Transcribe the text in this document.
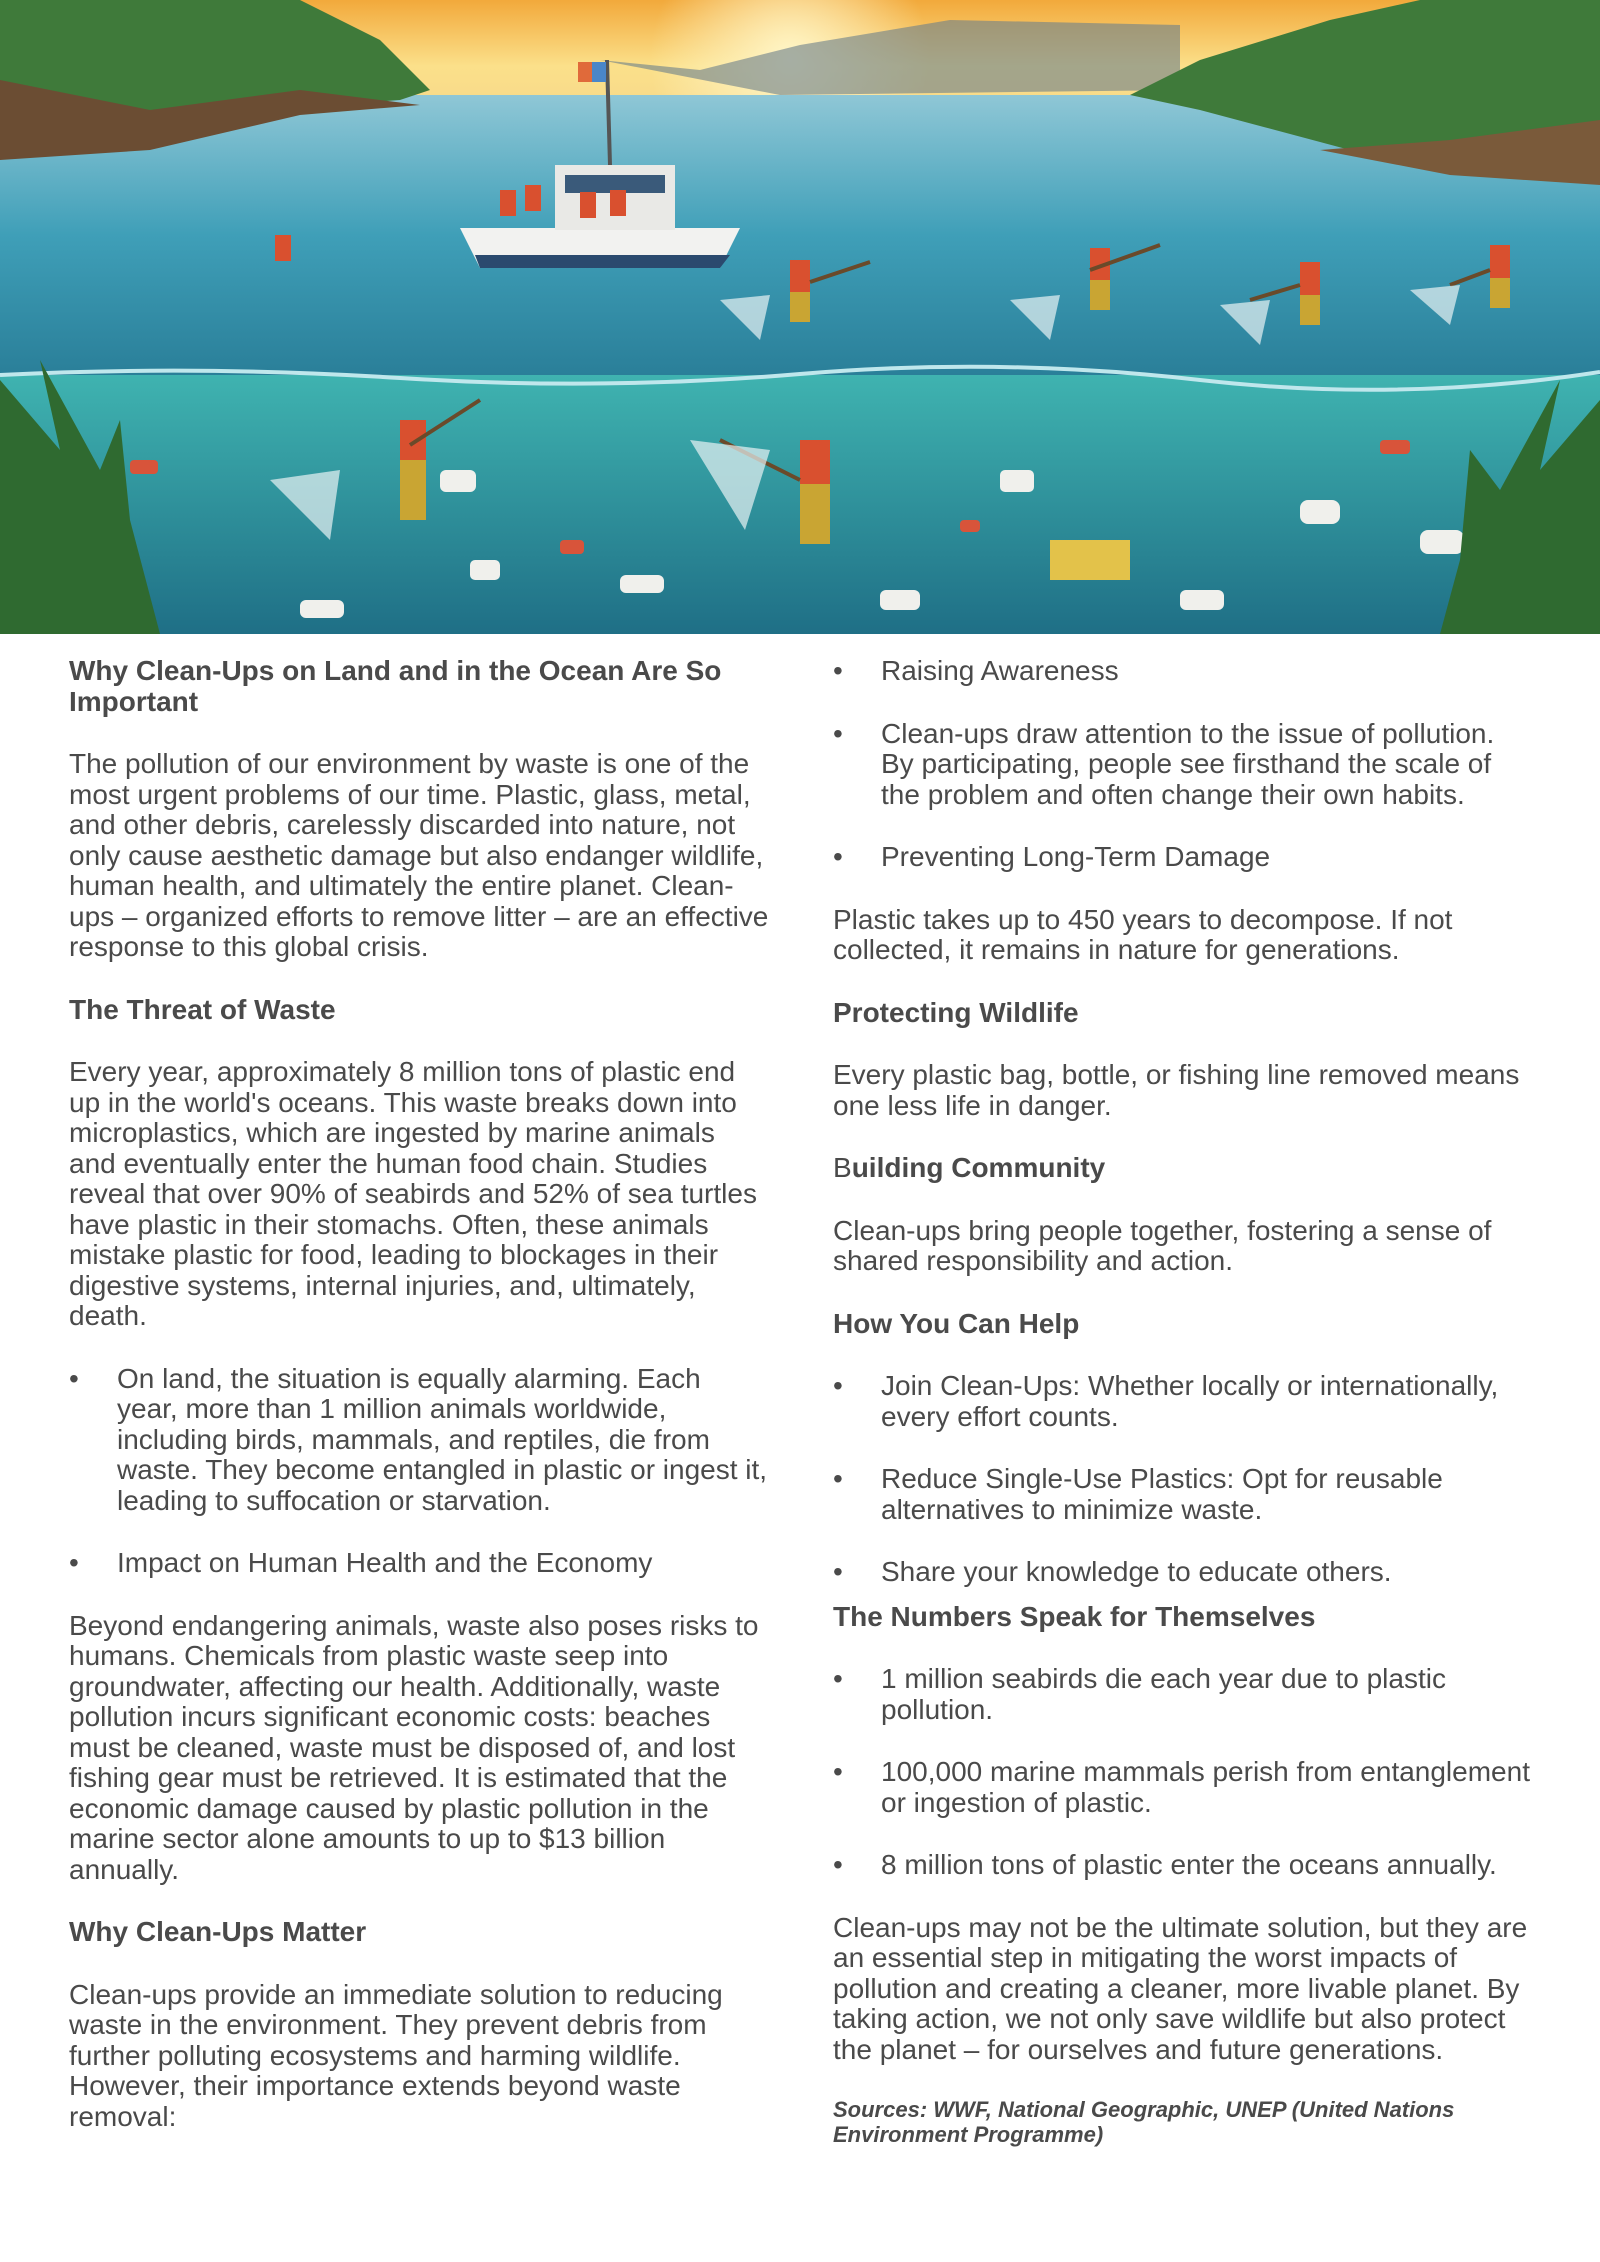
Why Clean-Ups on Land and in the Ocean Are So Important

The pollution of our environment by waste is one of the most urgent problems of our time. Plastic, glass, metal, and other debris, carelessly discarded into nature, not only cause aesthetic damage but also endanger wildlife, human health, and ultimately the entire planet. Clean-ups – organized efforts to remove litter – are an effective response to this global crisis.

The Threat of Waste

Every year, approximately 8 million tons of plastic end up in the world's oceans. This waste breaks down into microplastics, which are ingested by marine animals and eventually enter the human food chain. Studies reveal that over 90% of seabirds and 52% of sea turtles have plastic in their stomachs. Often, these animals mistake plastic for food, leading to blockages in their digestive systems, internal injuries, and, ultimately, death.

• On land, the situation is equally alarming. Each year, more than 1 million animals worldwide, including birds, mammals, and reptiles, die from waste. They become entangled in plastic or ingest it, leading to suffocation or starvation.
• Impact on Human Health and the Economy

Beyond endangering animals, waste also poses risks to humans. Chemicals from plastic waste seep into groundwater, affecting our health. Additionally, waste pollution incurs significant economic costs: beaches must be cleaned, waste must be disposed of, and lost fishing gear must be retrieved. It is estimated that the economic damage caused by plastic pollution in the marine sector alone amounts to up to $13 billion annually.

Why Clean-Ups Matter

Clean-ups provide an immediate solution to reducing waste in the environment. They prevent debris from further polluting ecosystems and harming wildlife. However, their importance extends beyond waste removal:

• Raising Awareness
• Clean-ups draw attention to the issue of pollution. By participating, people see firsthand the scale of the problem and often change their own habits.
• Preventing Long-Term Damage

Plastic takes up to 450 years to decompose. If not collected, it remains in nature for generations.

Protecting Wildlife

Every plastic bag, bottle, or fishing line removed means one less life in danger.

Building Community

Clean-ups bring people together, fostering a sense of shared responsibility and action.

How You Can Help
• Join Clean-Ups: Whether locally or internationally, every effort counts.
• Reduce Single-Use Plastics: Opt for reusable alternatives to minimize waste.
• Share your knowledge to educate others.
The Numbers Speak for Themselves
• 1 million seabirds die each year due to plastic pollution.
• 100,000 marine mammals perish from entanglement or ingestion of plastic.
• 8 million tons of plastic enter the oceans annually.

Clean-ups may not be the ultimate solution, but they are an essential step in mitigating the worst impacts of pollution and creating a cleaner, more livable planet. By taking action, we not only save wildlife but also protect the planet – for ourselves and future generations.

Sources: WWF, National Geographic, UNEP (United Nations Environment Programme)
